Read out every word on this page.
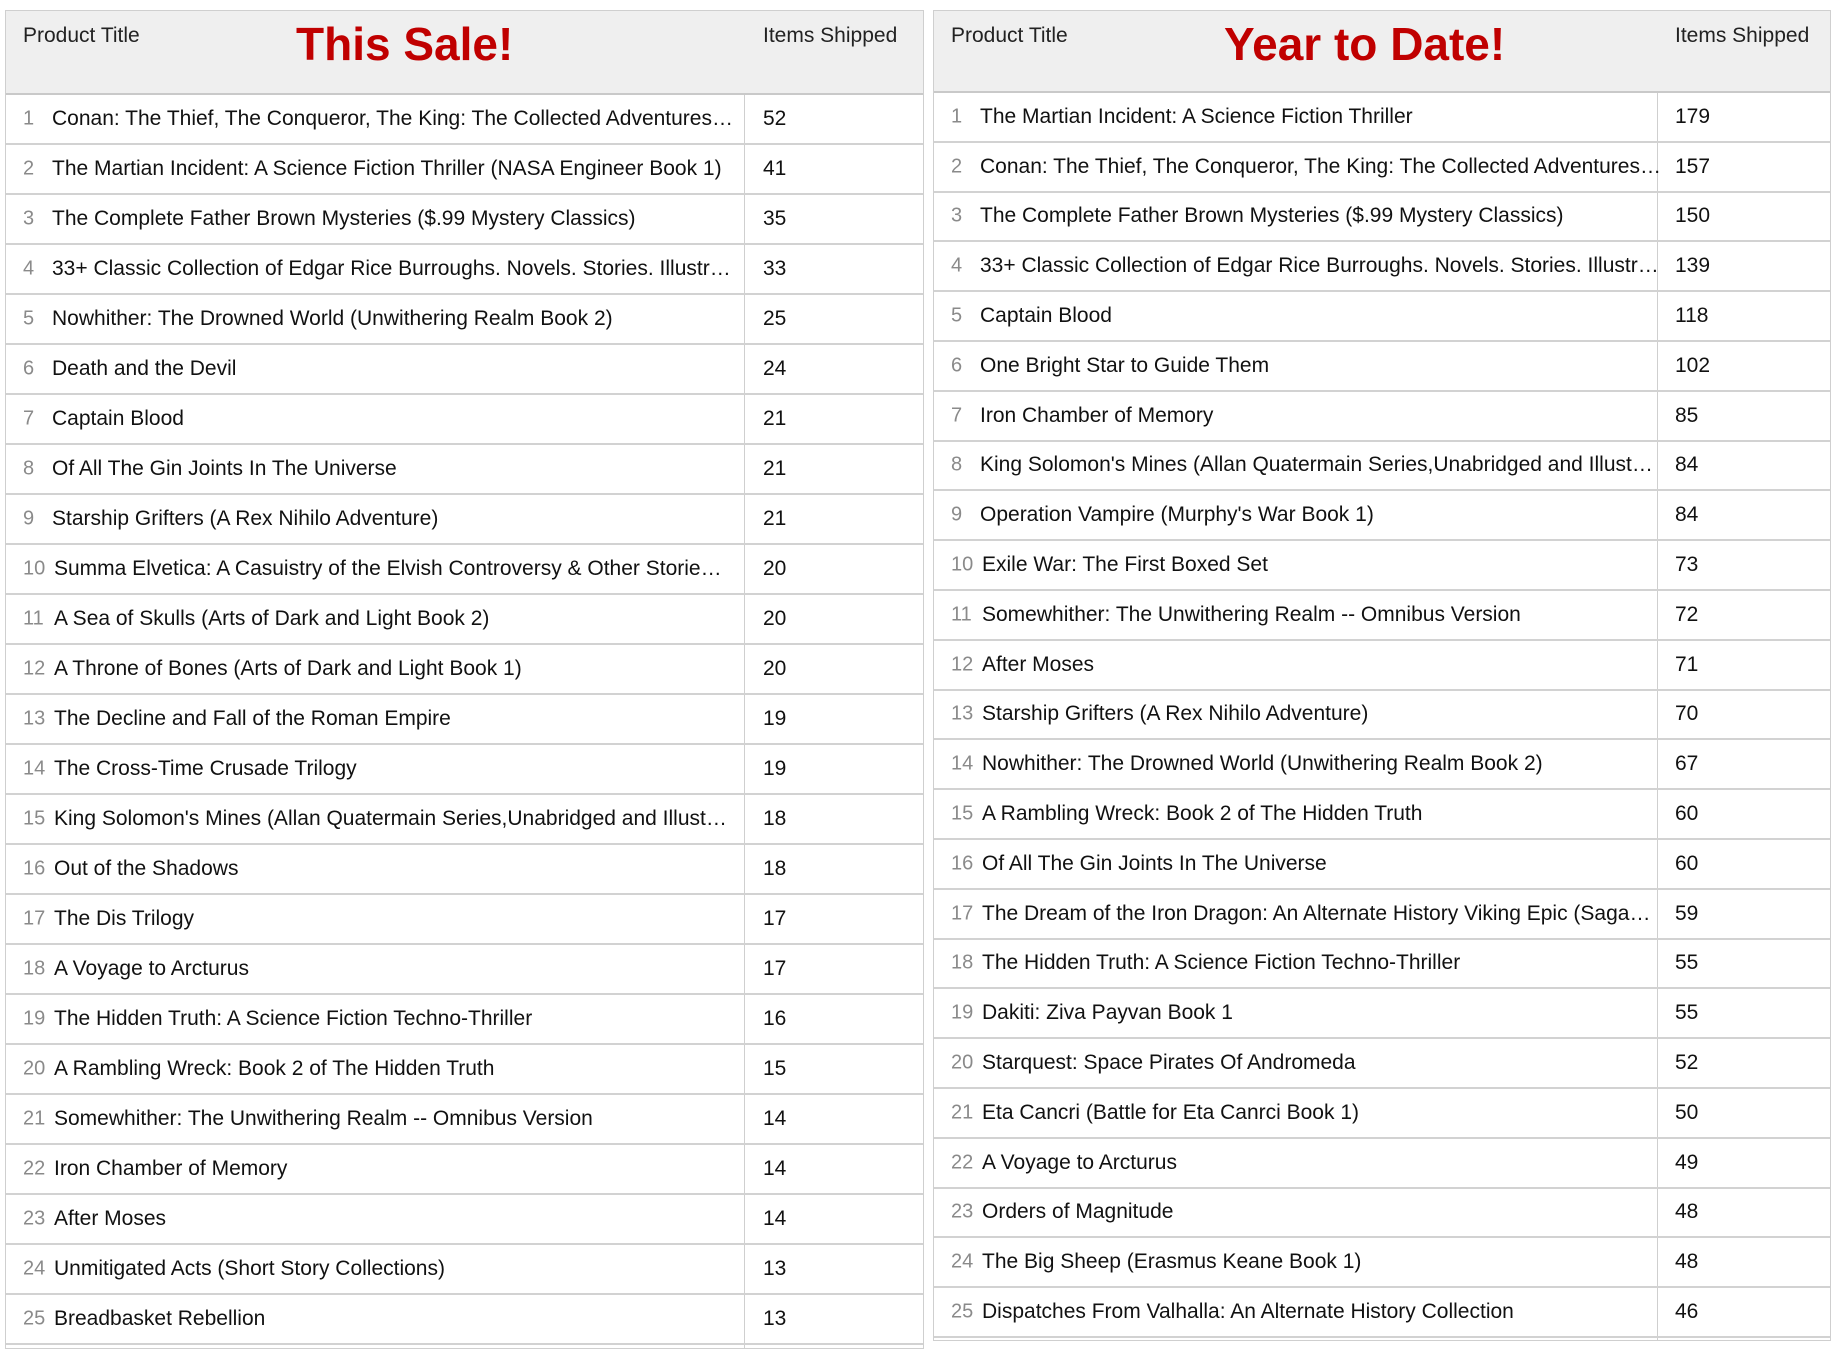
Product Title	This Sale!	Items Shipped
1 Conan: The Thief, The Conqueror, The King: The Collected Adventures… 52
2 The Martian Incident: A Science Fiction Thriller (NASA Engineer Book 1) 41
3 The Complete Father Brown Mysteries ($.99 Mystery Classics)	35
4 33+ Classic Collection of Edgar Rice Burroughs. Novels. Stories. Illustr… 33
5 Nowhither: The Drowned World (Unwithering Realm Book 2)	25
6 Death and the Devil	24
7 Captain Blood	21
8 Of All The Gin Joints In The Universe	21
9 Starship Grifters (A Rex Nihilo Adventure)	21
10 Summa Elvetica: A Casuistry of the Elvish Controversy & Other Storie… 20
11 A Sea of Skulls (Arts of Dark and Light Book 2)	20
12 A Throne of Bones (Arts of Dark and Light Book 1)	20
13 The Decline and Fall of the Roman Empire	19
14 The Cross-Time Crusade Trilogy	19
15 King Solomon's Mines (Allan Quatermain Series,Unabridged and Illust… 18
16 Out of the Shadows	18
17 The Dis Trilogy	17
18 A Voyage to Arcturus	17
19 The Hidden Truth: A Science Fiction Techno-Thriller	16
20 A Rambling Wreck: Book 2 of The Hidden Truth	15
21 Somewhither: The Unwithering Realm -- Omnibus Version	14
22 Iron Chamber of Memory	14
23 After Moses	14
24 Unmitigated Acts (Short Story Collections)	13
25 Breadbasket Rebellion	13
Product Title	Year to Date!	Items Shipped
1 The Martian Incident: A Science Fiction Thriller	179
2 Conan: The Thief, The Conqueror, The King: The Collected Adventures… 157
3 The Complete Father Brown Mysteries ($.99 Mystery Classics)	150
4 33+ Classic Collection of Edgar Rice Burroughs. Novels. Stories. Illustr… 139
5 Captain Blood	118
6 One Bright Star to Guide Them	102
7 Iron Chamber of Memory	85
8 King Solomon's Mines (Allan Quatermain Series,Unabridged and Illust… 84
9 Operation Vampire (Murphy's War Book 1)	84
10 Exile War: The First Boxed Set	73
11 Somewhither: The Unwithering Realm -- Omnibus Version	72
12 After Moses	71
13 Starship Grifters (A Rex Nihilo Adventure)	70
14 Nowhither: The Drowned World (Unwithering Realm Book 2)	67
15 A Rambling Wreck: Book 2 of The Hidden Truth	60
16 Of All The Gin Joints In The Universe	60
17 The Dream of the Iron Dragon: An Alternate History Viking Epic (Saga… 59
18 The Hidden Truth: A Science Fiction Techno-Thriller	55
19 Dakiti: Ziva Payvan Book 1	55
20 Starquest: Space Pirates Of Andromeda	52
21 Eta Cancri (Battle for Eta Canrci Book 1)	50
22 A Voyage to Arcturus	49
23 Orders of Magnitude	48
24 The Big Sheep (Erasmus Keane Book 1)	48
25 Dispatches From Valhalla: An Alternate History Collection	46
